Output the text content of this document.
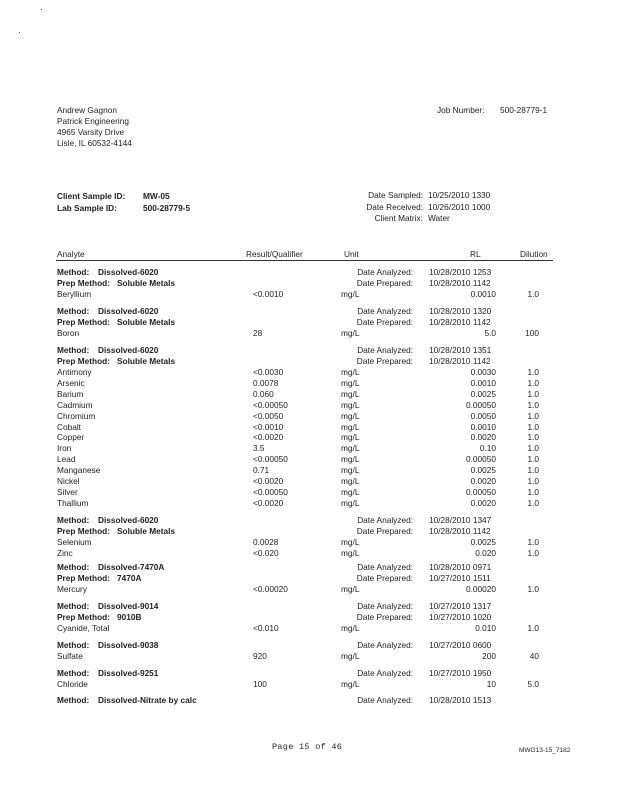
Andrew Gagnon
Patrick Engineering
4965 Varsity Drive
Lisle, IL 60532-4144
Job Number: 500-28779-1
Client Sample ID: MW-05
Lab Sample ID:	500-28779-5
Date Sampled: 10/25/2010 1330
Date Received: 10/26/2010 1000
Client Matrix: Water
Analyte	Result/Qualifier	Unit	RL	Dilution
Method: Dissolved-6020	Date Analyzed: 10/28/2010 1253
Prep Method: Soluble Metals	Date Prepared: 10/28/2010 1142
Beryllium	<0.0010	mg/L	0.0010	1.0
Method: Dissolved-6020	Date Analyzed: 10/28/2010 1320
Prep Method: Soluble Metals	Date Prepared: 10/28/2010 1142
Boron	28	mg/L	5.0	100
Method: Dissolved-6020	Date Analyzed: 10/28/2010 1351
Prep Method: Soluble Metals	Date Prepared: 10/28/2010 1142
Antimony	<0.0030	mg/L	0.0030	1.0
Arsenic	0.0078	mg/L	0.0010	1.0
Barium	0.060	mg/L	0.0025	1.0
Cadmium	<0.00050	mg/L	0.00050	1.0
Chromium	<0.0050	mg/L	0.0050	1.0
Cobalt	<0.0010	mg/L	0.0010	1.0
Copper	<0.0020	mg/L	0.0020	1.0
Iron	3.5	mg/L	0.10	1.0
Lead	<0.00050	mg/L	0.00050	1.0
Manganese	0.71	mg/L	0.0025	1.0
Nickel	<0.0020	mg/L	0.0020	1.0
Silver	<0.00050	mg/L	0.00050	1.0
Thallium	<0.0020	mg/L	0.0020	1.0
Method: Dissolved-6020	Date Analyzed: 10/28/2010 1347
Prep Method: Soluble Metals	Date Prepared: 10/28/2010 1142
Selenium	0.0028	mg/L	0.0025	1.0
Zinc	<0.020	mg/L	0.020	1.0
Method: Dissolved-7470A	Date Analyzed: 10/28/2010 0971
Prep Method: 7470A	Date Prepared: 10/27/2010 1511
Mercury	<0.00020	mg/L	0.00020	1.0
Method: Dissolved-9014	Date Analyzed: 10/27/2010 1317
Prep Method: 9010B	Date Prepared: 10/27/2010 1020
Cyanide, Total	<0.010	mg/L	0.010	1.0
Method: Dissolved-9038	Date Analyzed: 10/27/2010 0600
Sulfate	920	mg/L	200	40
Method: Dissolved-9251	Date Analyzed: 10/27/2010 1950
Chloride	100	mg/L	10	5.0
Method: Dissolved-Nitrate by calc	Date Analyzed: 10/28/2010 1513
Page 15 of 46	MWG13-15_7182
